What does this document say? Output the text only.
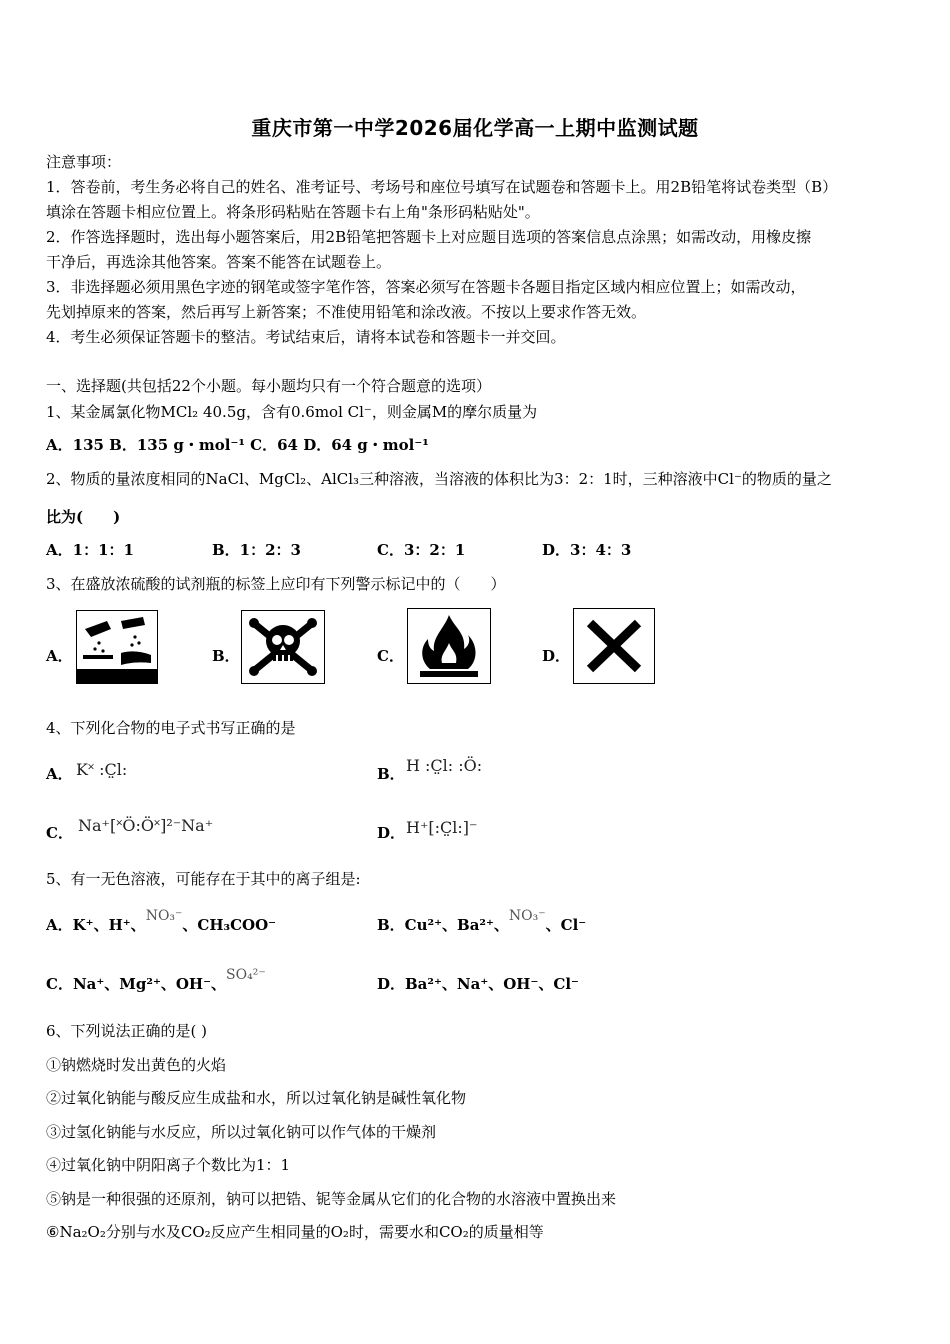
重庆市第一中学2026届化学高一上期中监测试题
注意事项：
1．答卷前，考生务必将自己的姓名、准考证号、考场号和座位号填写在试题卷和答题卡上。用2B铅笔将试卷类型（B）
填涂在答题卡相应位置上。将条形码粘贴在答题卡右上角"条形码粘贴处"。
2．作答选择题时，选出每小题答案后，用2B铅笔把答题卡上对应题目选项的答案信息点涂黑；如需改动，用橡皮擦
干净后，再选涂其他答案。答案不能答在试题卷上。
3．非选择题必须用黑色字迹的钢笔或签字笔作答，答案必须写在答题卡各题目指定区域内相应位置上；如需改动，
先划掉原来的答案，然后再写上新答案；不准使用铅笔和涂改液。不按以上要求作答无效。
4．考生必须保证答题卡的整洁。考试结束后，请将本试卷和答题卡一并交回。
一、选择题(共包括22个小题。每小题均只有一个符合题意的选项）
1、某金属氯化物MCl₂ 40.5g，含有0.6mol Cl⁻，则金属M的摩尔质量为
A．135 B．135 g・mol⁻¹ C．64 D．64 g・mol⁻¹
2、物质的量浓度相同的NaCl、MgCl₂、AlCl₃三种溶液，当溶液的体积比为3：2：1时，三种溶液中Cl⁻的物质的量之
比为(　　)
A．1：1：1	B．1：2：3	C．3：2：1	D．3：4：3
3、在盛放浓硫酸的试剂瓶的标签上应印有下列警示标记中的（　　）
A．	B．	C．	D．
4、下列化合物的电子式书写正确的是
A． K˟ :C̤l:	B． H :C̤l: :Ö:
C． Na⁺[˟Ö:Ö˟]²⁻Na⁺	D． H⁺[:C̤l:]⁻
5、有一无色溶液，可能存在于其中的离子组是:
A．K⁺、H⁺、NO₃⁻、CH₃COO⁻	B．Cu²⁺、Ba²⁺、NO₃⁻、Cl⁻
C．Na⁺、Mg²⁺、OH⁻、SO₄²⁻	D．Ba²⁺、Na⁺、OH⁻、Cl⁻
6、下列说法正确的是( )
①钠燃烧时发出黄色的火焰
②过氧化钠能与酸反应生成盐和水，所以过氧化钠是碱性氧化物
③过氢化钠能与水反应，所以过氧化钠可以作气体的干燥剂
④过氧化钠中阴阳离子个数比为1：1
⑤钠是一种很强的还原剂，钠可以把锆、铌等金属从它们的化合物的水溶液中置换出来
⑥Na₂O₂分别与水及CO₂反应产生相同量的O₂时，需要水和CO₂的质量相等
